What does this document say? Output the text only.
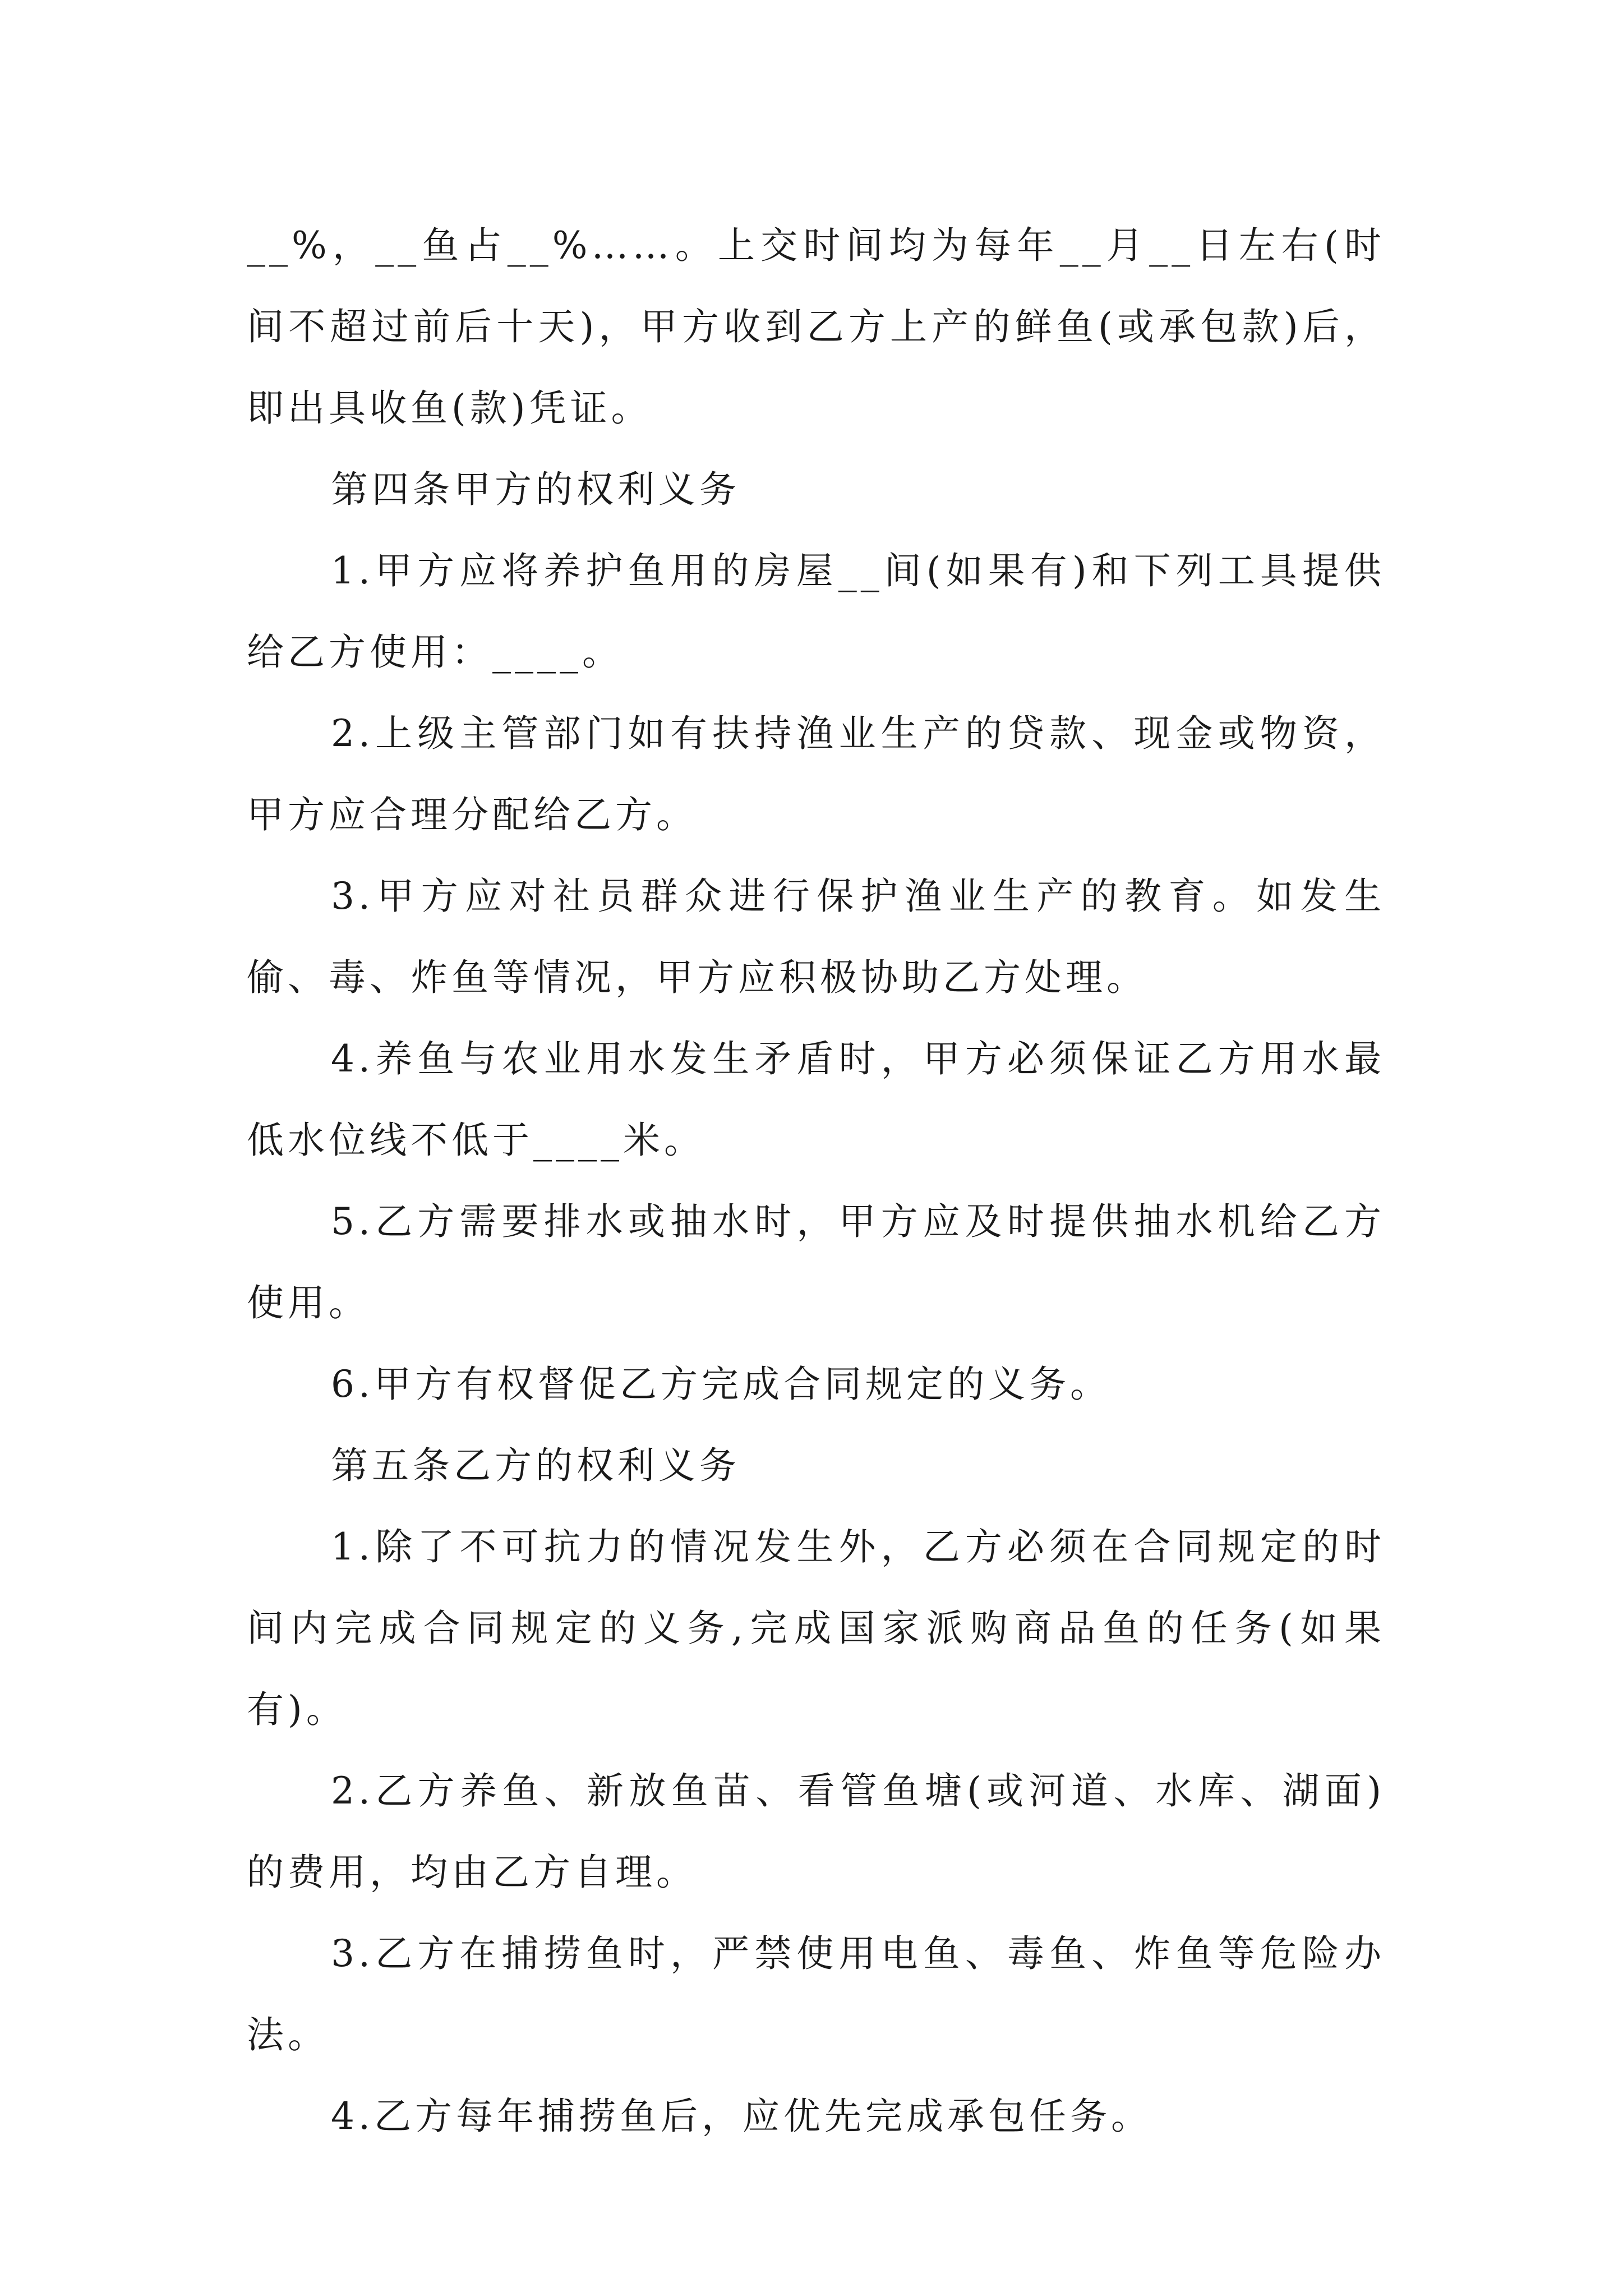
__%，__鱼占__%……。上交时间均为每年__月__日左右(时间不超过前后十天)，甲方收到乙方上产的鲜鱼(或承包款)后，即出具收鱼(款)凭证。

第四条甲方的权利义务

1.甲方应将养护鱼用的房屋__间(如果有)和下列工具提供给乙方使用：____。

2.上级主管部门如有扶持渔业生产的贷款、现金或物资，甲方应合理分配给乙方。

3.甲方应对社员群众进行保护渔业生产的教育。如发生偷、毒、炸鱼等情况，甲方应积极协助乙方处理。

4.养鱼与农业用水发生矛盾时，甲方必须保证乙方用水最低水位线不低于____米。

5.乙方需要排水或抽水时，甲方应及时提供抽水机给乙方使用。

6.甲方有权督促乙方完成合同规定的义务。

第五条乙方的权利义务

1.除了不可抗力的情况发生外，乙方必须在合同规定的时间内完成合同规定的义务,完成国家派购商品鱼的任务(如果有)。

2.乙方养鱼、新放鱼苗、看管鱼塘(或河道、水库、湖面)的费用，均由乙方自理。

3.乙方在捕捞鱼时，严禁使用电鱼、毒鱼、炸鱼等危险办法。

4.乙方每年捕捞鱼后，应优先完成承包任务。
